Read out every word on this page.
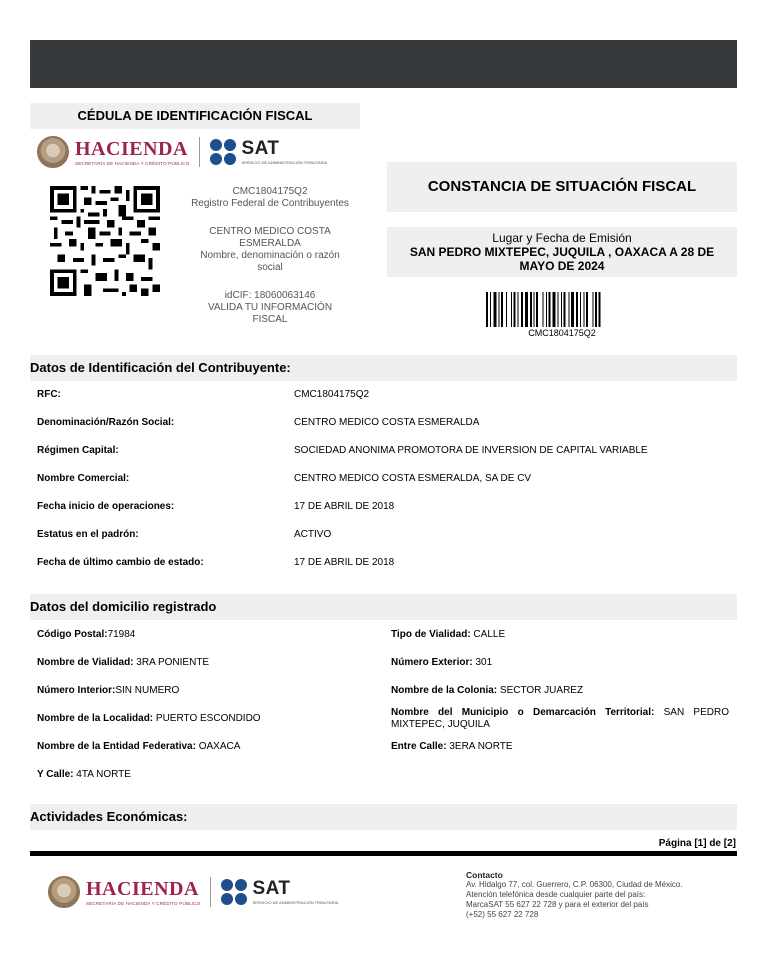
CÉDULA DE IDENTIFICACIÓN FISCAL
HACIENDA
SECRETARÍA DE HACIENDA Y CRÉDITO PÚBLICO
SAT
SERVICIO DE ADMINISTRACIÓN TRIBUTARIA
CMC1804175Q2
Registro Federal de Contribuyentes
CENTRO MEDICO COSTA ESMERALDA
Nombre, denominación o razón social
idCIF: 18060063146
VALIDA TU INFORMACIÓN FISCAL
CONSTANCIA DE SITUACIÓN FISCAL
Lugar y Fecha de Emisión
SAN PEDRO MIXTEPEC, JUQUILA , OAXACA A 28 DE MAYO DE 2024
CMC1804175Q2
Datos de Identificación del Contribuyente:
RFC:	CMC1804175Q2
Denominación/Razón Social:	CENTRO MEDICO COSTA ESMERALDA
Régimen Capital:	SOCIEDAD ANONIMA PROMOTORA DE INVERSION DE CAPITAL VARIABLE
Nombre Comercial:	CENTRO MEDICO COSTA ESMERALDA, SA DE CV
Fecha inicio de operaciones:	17 DE ABRIL DE 2018
Estatus en el padrón:	ACTIVO
Fecha de último cambio de estado:	17 DE ABRIL DE 2018
Datos del domicilio registrado
Código Postal:71984	Tipo de Vialidad: CALLE
Nombre de Vialidad: 3RA PONIENTE	Número Exterior: 301
Número Interior:SIN NUMERO	Nombre de la Colonia: SECTOR JUAREZ
Nombre de la Localidad: PUERTO ESCONDIDO
Nombre del Municipio o Demarcación Territorial: SAN PEDRO MIXTEPEC, JUQUILA
Nombre de la Entidad Federativa: OAXACA	Entre Calle: 3ERA NORTE
Y Calle: 4TA NORTE
Actividades Económicas:
Página [1] de [2]
HACIENDA
SECRETARÍA DE HACIENDA Y CRÉDITO PÚBLICO
SAT
SERVICIO DE ADMINISTRACIÓN TRIBUTARIA
Contacto
Av. Hidalgo 77, col. Guerrero, C.P. 06300, Ciudad de México.
Atención telefónica desde cualquier parte del país:
MarcaSAT 55 627 22 728 y para el exterior del país
(+52) 55 627 22 728
